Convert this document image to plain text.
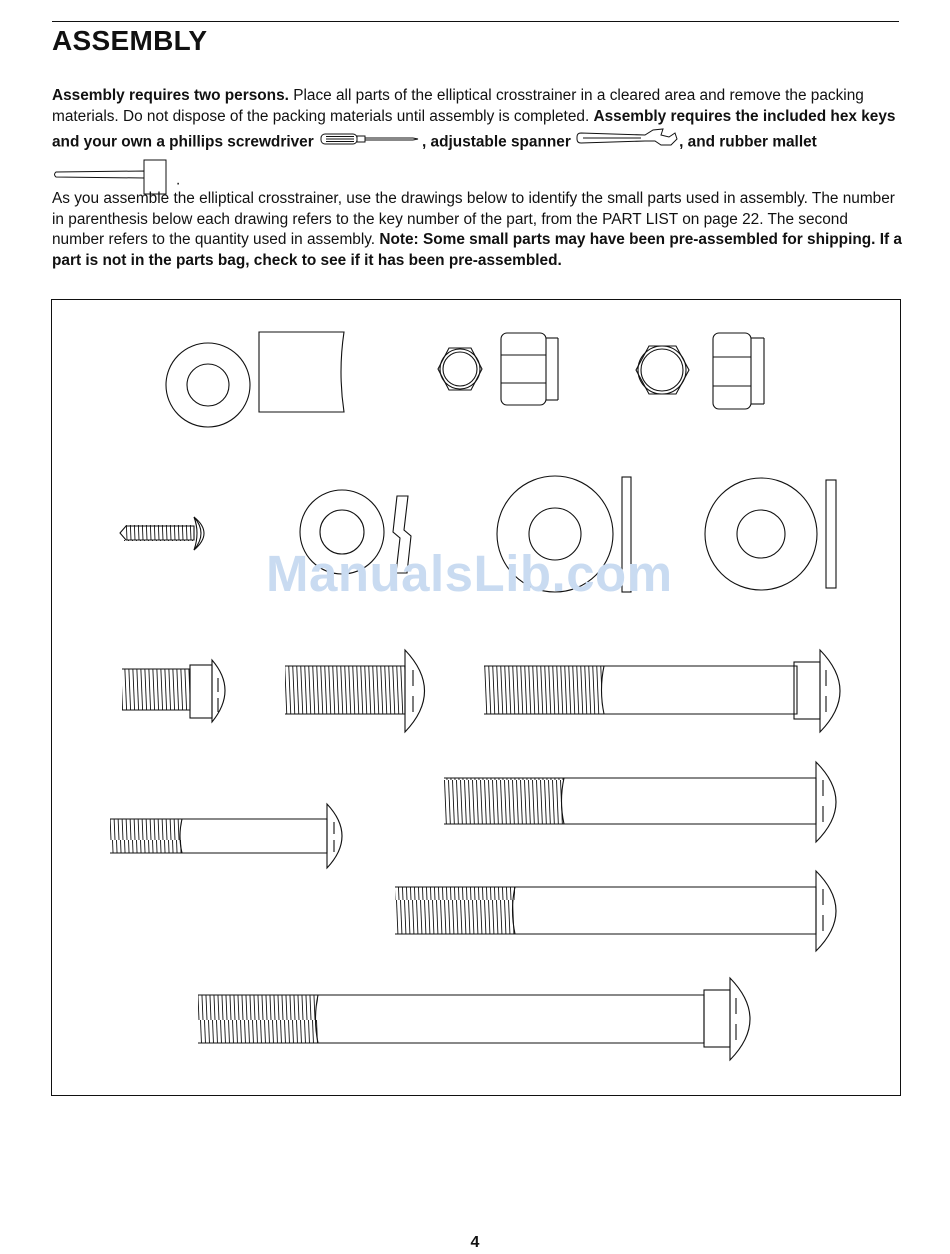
ASSEMBLY

Assembly requires two persons. Place all parts of the elliptical crosstrainer in a cleared area and remove the packing materials. Do not dispose of the packing materials until assembly is completed. Assembly requires the included hex keys and your own a phillips screwdriver	, adjustable spanner	, and rubber mallet .

As you assemble the elliptical crosstrainer, use the drawings below to identify the small parts used in assembly. The number in parenthesis below each drawing refers to the key number of the part, from the PART LIST on page 22. The second number refers to the quantity used in assembly. Note: Some small parts may have been pre-assembled for shipping. If a part is not in the parts bag, check to see if it has been pre-assembled.

ManualsLib.com
4
